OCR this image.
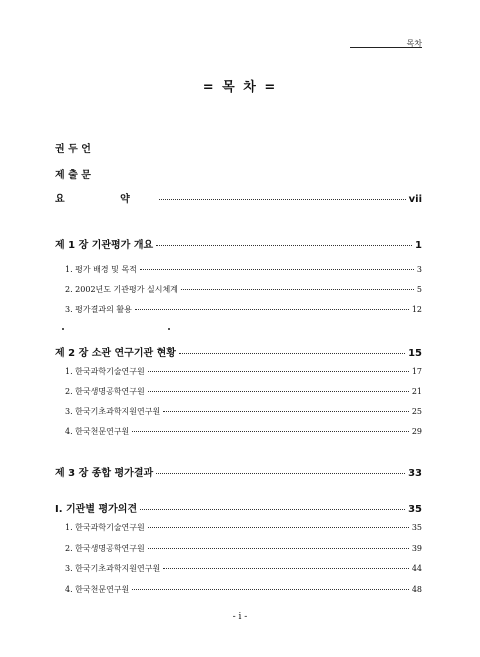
목차
= 목 차 =
권 두 언
제 출 문
요 약	vii
제 1 장 기관평가 개요	1
1. 평가 배경 및 목적	3
2. 2002년도 기관평가 실시체계	5
3. 평가결과의 활용	12
제 2 장 소관 연구기관 현황	15
1. 한국과학기술연구원	17
2. 한국생명공학연구원	21
3. 한국기초과학지원연구원	25
4. 한국천문연구원	29
제 3 장 종합 평가결과	33
Ⅰ. 기관별 평가의견	35
1. 한국과학기술연구원	35
2. 한국생명공학연구원	39
3. 한국기초과학지원연구원	44
4. 한국천문연구원	48
- i -
